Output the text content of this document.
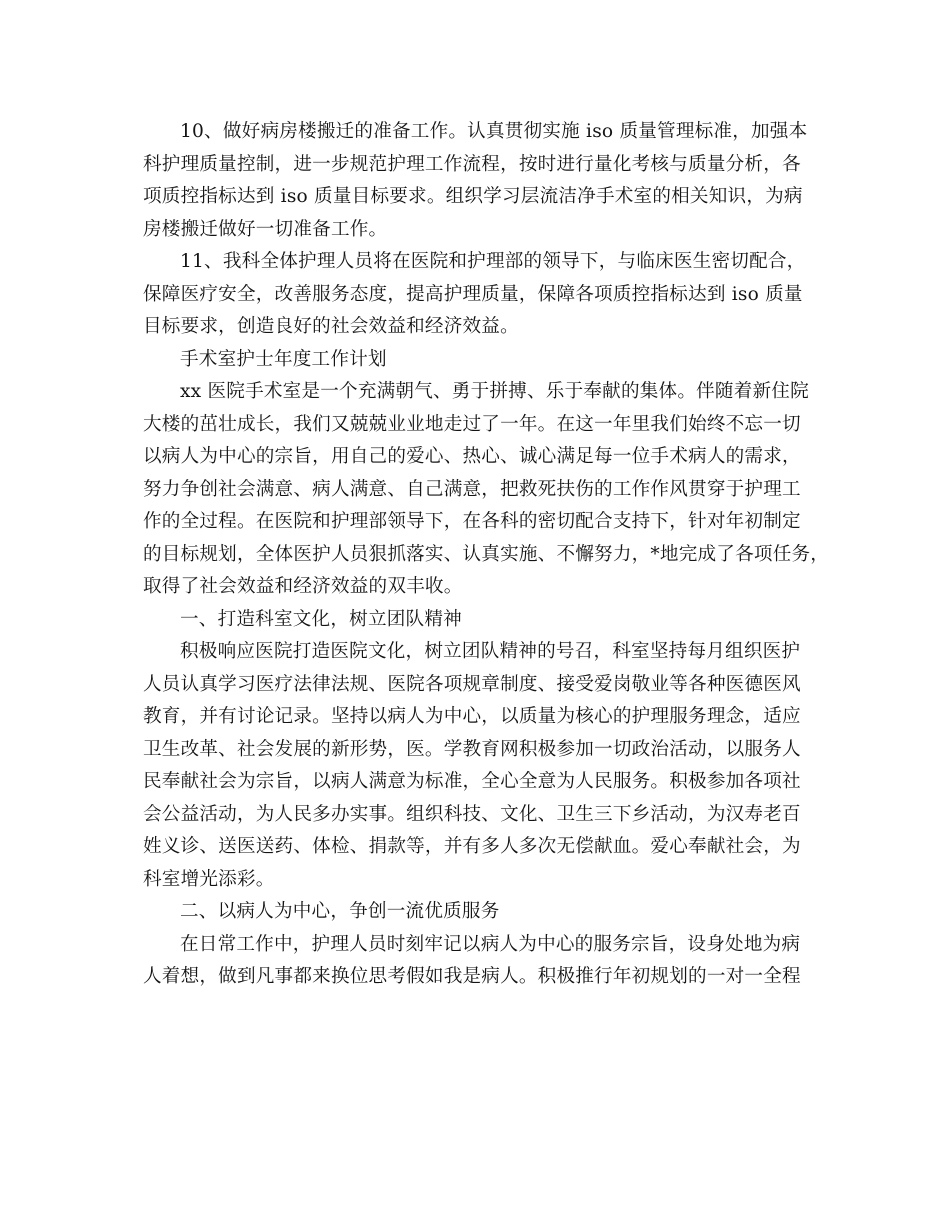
10、做好病房楼搬迁的准备工作。认真贯彻实施 iso 质量管理标准，加强本
科护理质量控制，进一步规范护理工作流程，按时进行量化考核与质量分析，各
项质控指标达到 iso 质量目标要求。组织学习层流洁净手术室的相关知识，为病
房楼搬迁做好一切准备工作。

11、我科全体护理人员将在医院和护理部的领导下，与临床医生密切配合，
保障医疗安全，改善服务态度，提高护理质量，保障各项质控指标达到 iso 质量
目标要求，创造良好的社会效益和经济效益。

手术室护士年度工作计划

xx 医院手术室是一个充满朝气、勇于拼搏、乐于奉献的集体。伴随着新住院
大楼的茁壮成长，我们又兢兢业业地走过了一年。在这一年里我们始终不忘一切
以病人为中心的宗旨，用自己的爱心、热心、诚心满足每一位手术病人的需求，
努力争创社会满意、病人满意、自己满意，把救死扶伤的工作作风贯穿于护理工
作的全过程。在医院和护理部领导下，在各科的密切配合支持下，针对年初制定
的目标规划，全体医护人员狠抓落实、认真实施、不懈努力，*地完成了各项任务，
取得了社会效益和经济效益的双丰收。

一、打造科室文化，树立团队精神

积极响应医院打造医院文化，树立团队精神的号召，科室坚持每月组织医护
人员认真学习医疗法律法规、医院各项规章制度、接受爱岗敬业等各种医德医风
教育，并有讨论记录。坚持以病人为中心，以质量为核心的护理服务理念，适应
卫生改革、社会发展的新形势，医。学教育网积极参加一切政治活动，以服务人
民奉献社会为宗旨，以病人满意为标准，全心全意为人民服务。积极参加各项社
会公益活动，为人民多办实事。组织科技、文化、卫生三下乡活动，为汉寿老百
姓义诊、送医送药、体检、捐款等，并有多人多次无偿献血。爱心奉献社会，为
科室增光添彩。

二、以病人为中心，争创一流优质服务

在日常工作中，护理人员时刻牢记以病人为中心的服务宗旨，设身处地为病
人着想，做到凡事都来换位思考假如我是病人。积极推行年初规划的一对一全程
